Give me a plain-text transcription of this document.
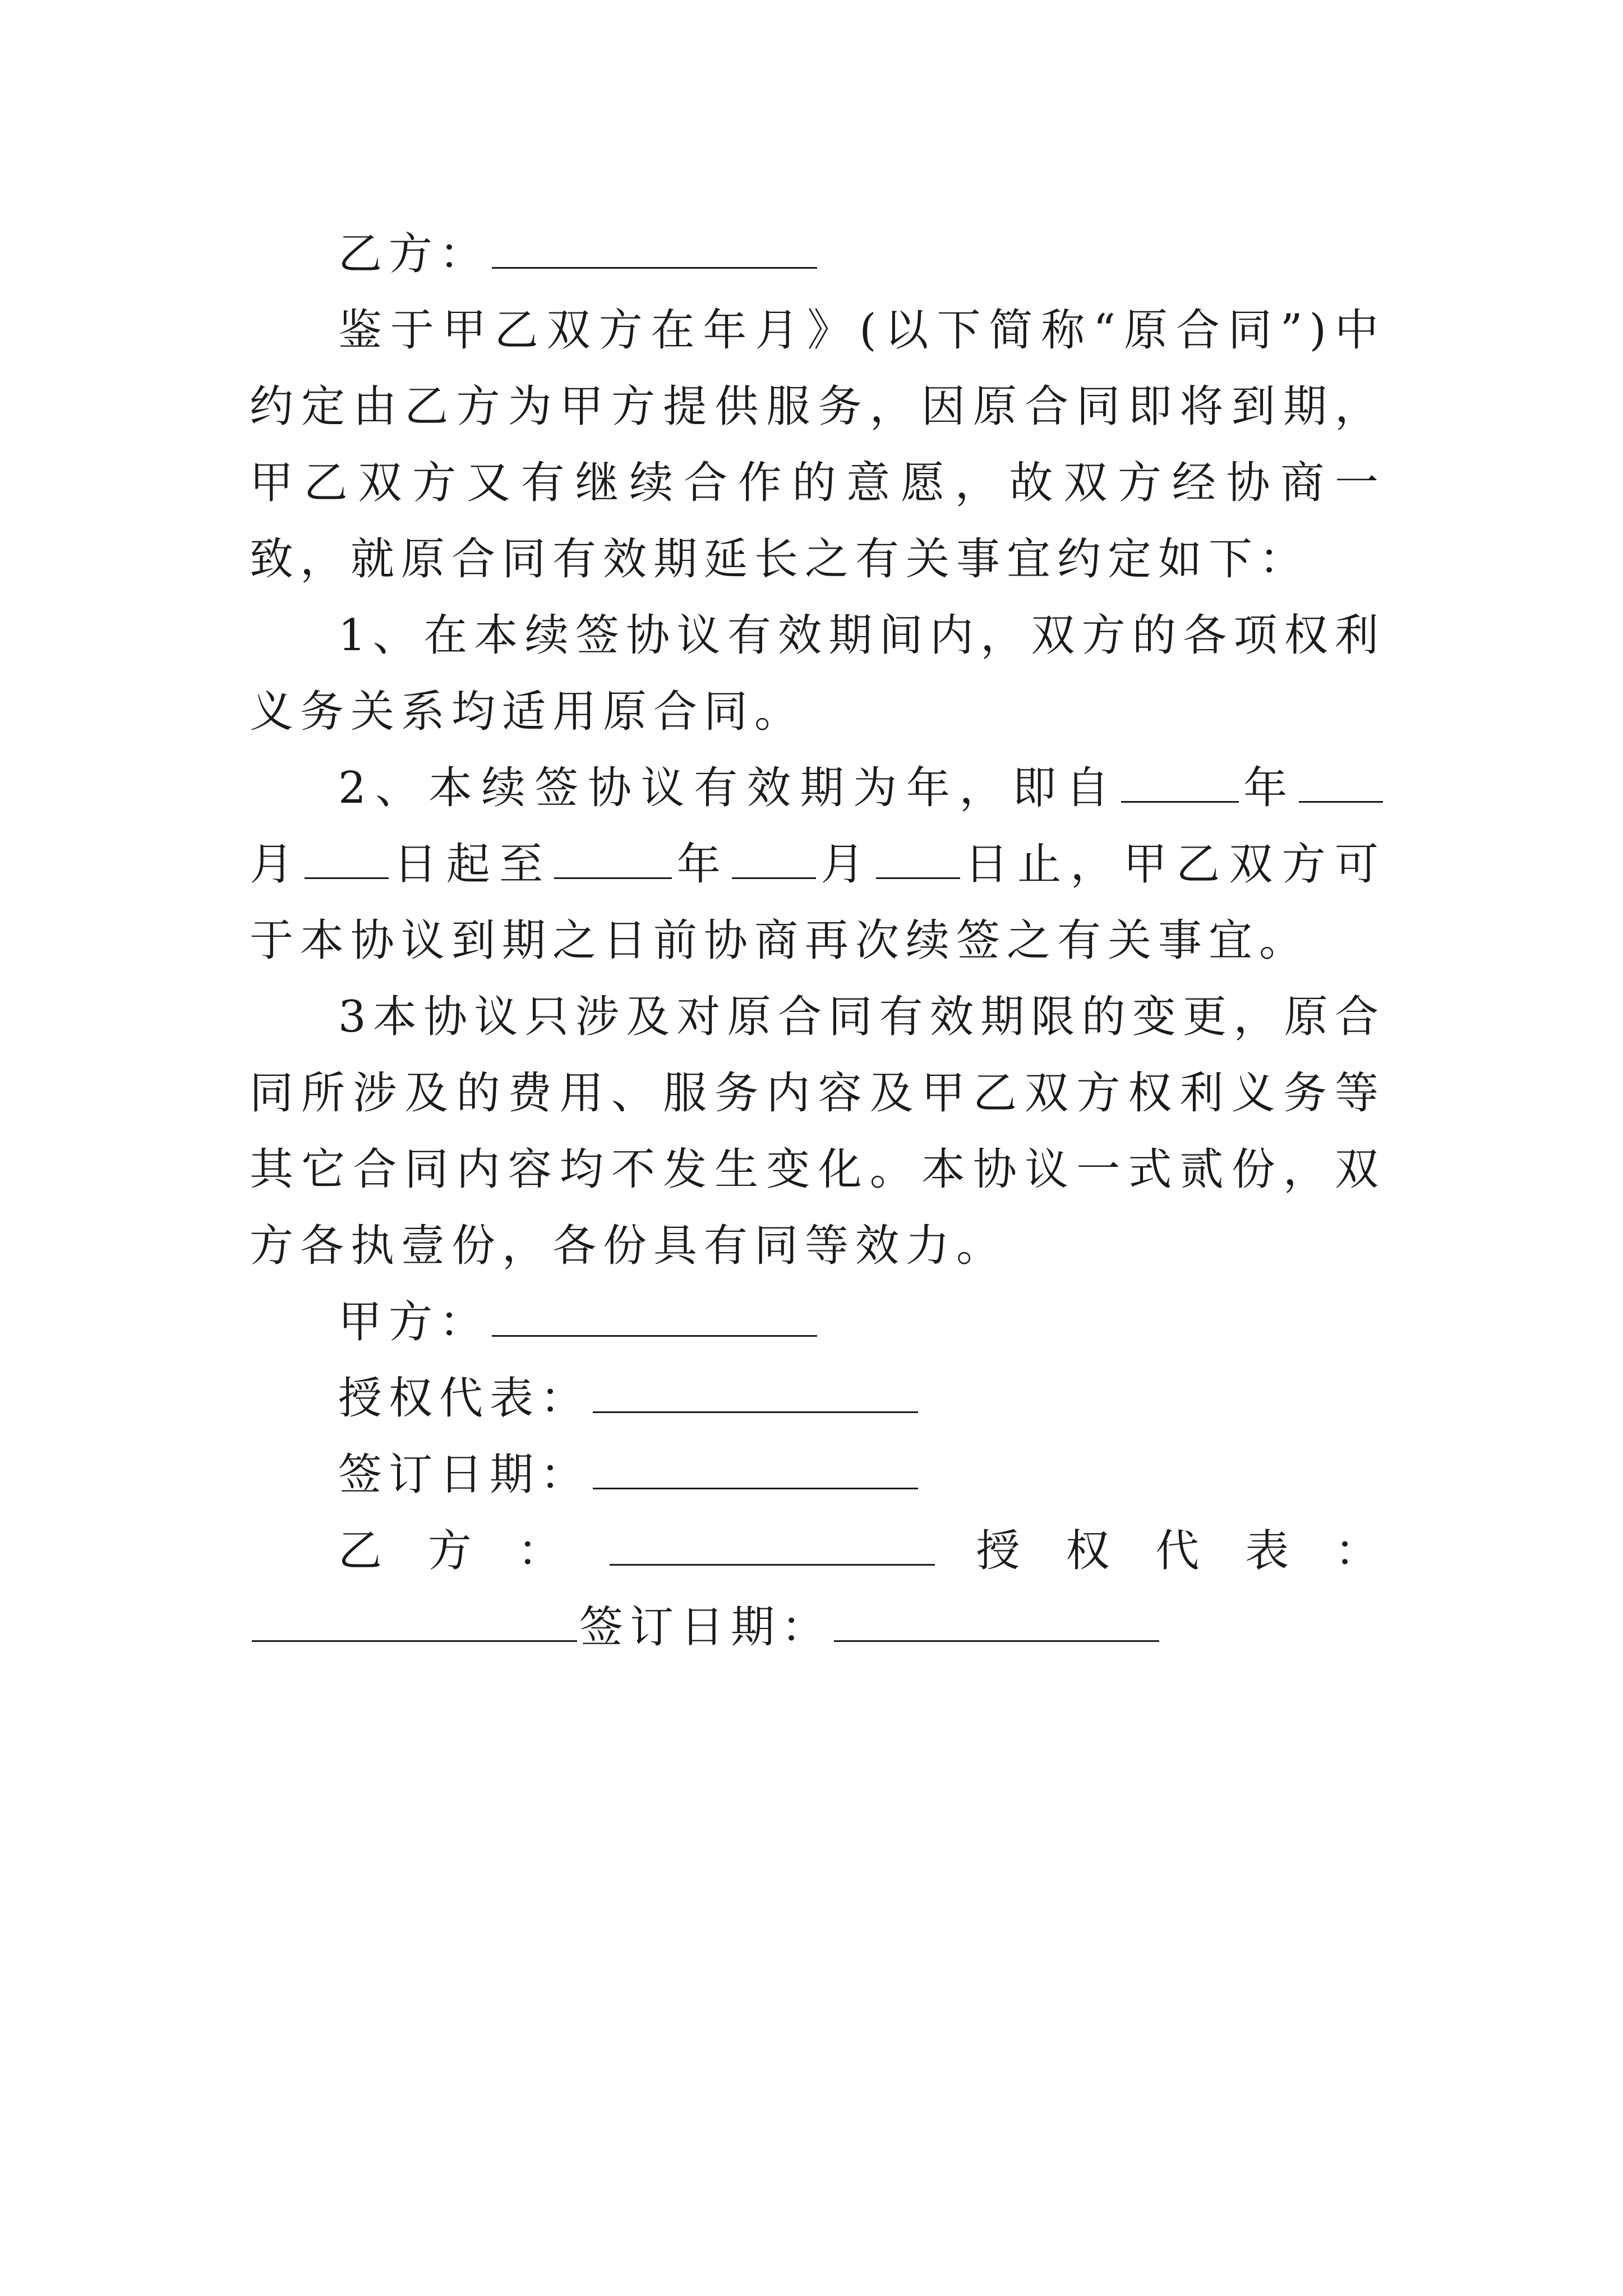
乙方：

鉴于甲乙双方在年月》(以下简称“原合同”)中约定由乙方为甲方提供服务，因原合同即将到期，甲乙双方又有继续合作的意愿，故双方经协商一致，就原合同有效期延长之有关事宜约定如下：

1、在本续签协议有效期间内，双方的各项权利义务关系均适用原合同。

2、本续签协议有效期为年，即自	年月 日起至	年 月 日止，甲乙双方可于本协议到期之日前协商再次续签之有关事宜。

3本协议只涉及对原合同有效期限的变更，原合同所涉及的费用、服务内容及甲乙双方权利义务等其它合同内容均不发生变化。本协议一式贰份，双方各执壹份，各份具有同等效力。

甲方：

授权代表：

签订日期：

乙方：	授权代表：签订日期：
